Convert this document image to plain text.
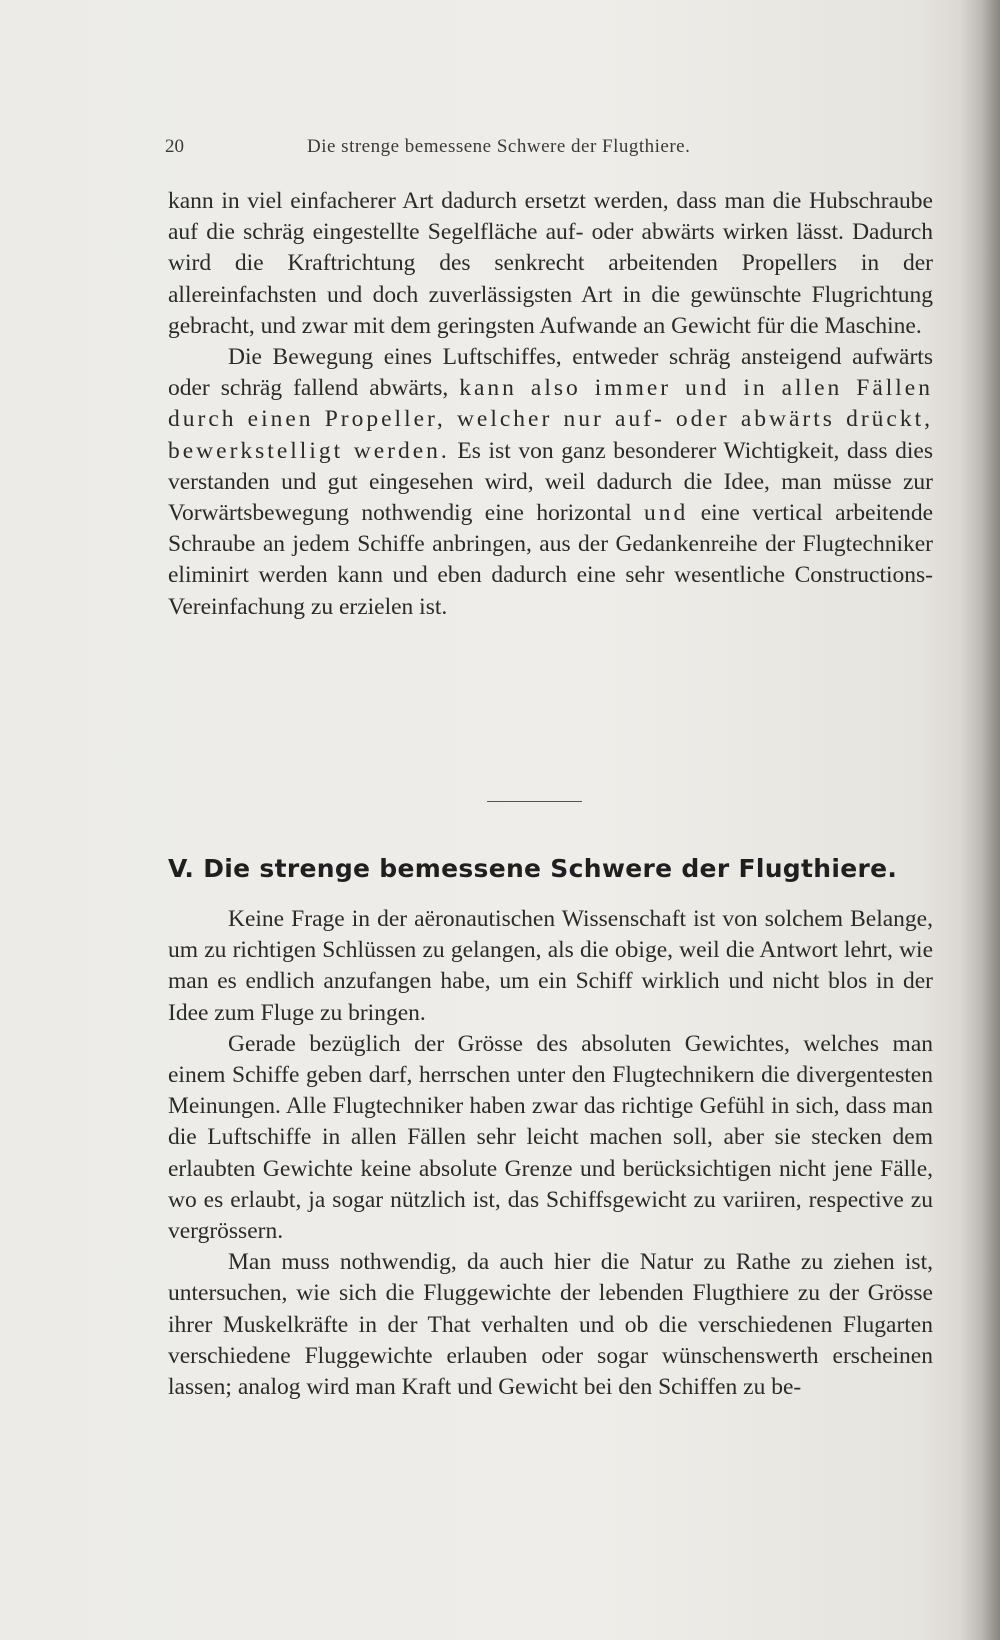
20	Die strenge bemessene Schwere der Flugthiere.

kann in viel einfacherer Art dadurch ersetzt werden, dass man die Hubschraube auf die schräg eingestellte Segelfläche auf- oder abwärts wirken lässt. Dadurch wird die Kraftrichtung des senkrecht arbeitenden Propellers in der allereinfachsten und doch zuverlässigsten Art in die gewünschte Flugrichtung gebracht, und zwar mit dem geringsten Aufwande an Gewicht für die Maschine.

Die Bewegung eines Luftschiffes, entweder schräg ansteigend aufwärts oder schräg fallend abwärts, kann also immer und in allen Fällen durch einen Propeller, welcher nur auf- oder abwärts drückt, bewerkstelligt werden. Es ist von ganz besonderer Wichtigkeit, dass dies verstanden und gut eingesehen wird, weil dadurch die Idee, man müsse zur Vorwärtsbewegung nothwendig eine horizontal und eine vertical arbeitende Schraube an jedem Schiffe anbringen, aus der Gedankenreihe der Flugtechniker eliminirt werden kann und eben dadurch eine sehr wesentliche Constructions-Vereinfachung zu erzielen ist.

V. Die strenge bemessene Schwere der Flugthiere.

Keine Frage in der aëronautischen Wissenschaft ist von solchem Belange, um zu richtigen Schlüssen zu gelangen, als die obige, weil die Antwort lehrt, wie man es endlich anzufangen habe, um ein Schiff wirklich und nicht blos in der Idee zum Fluge zu bringen.

Gerade bezüglich der Grösse des absoluten Gewichtes, welches man einem Schiffe geben darf, herrschen unter den Flugtechnikern die divergentesten Meinungen. Alle Flugtechniker haben zwar das richtige Gefühl in sich, dass man die Luftschiffe in allen Fällen sehr leicht machen soll, aber sie stecken dem erlaubten Gewichte keine absolute Grenze und berücksichtigen nicht jene Fälle, wo es erlaubt, ja sogar nützlich ist, das Schiffsgewicht zu variiren, respective zu vergrössern.

Man muss nothwendig, da auch hier die Natur zu Rathe zu ziehen ist, untersuchen, wie sich die Fluggewichte der lebenden Flugthiere zu der Grösse ihrer Muskelkräfte in der That verhalten und ob die verschiedenen Flugarten verschiedene Fluggewichte erlauben oder sogar wünschenswerth erscheinen lassen; analog wird man Kraft und Gewicht bei den Schiffen zu be-
